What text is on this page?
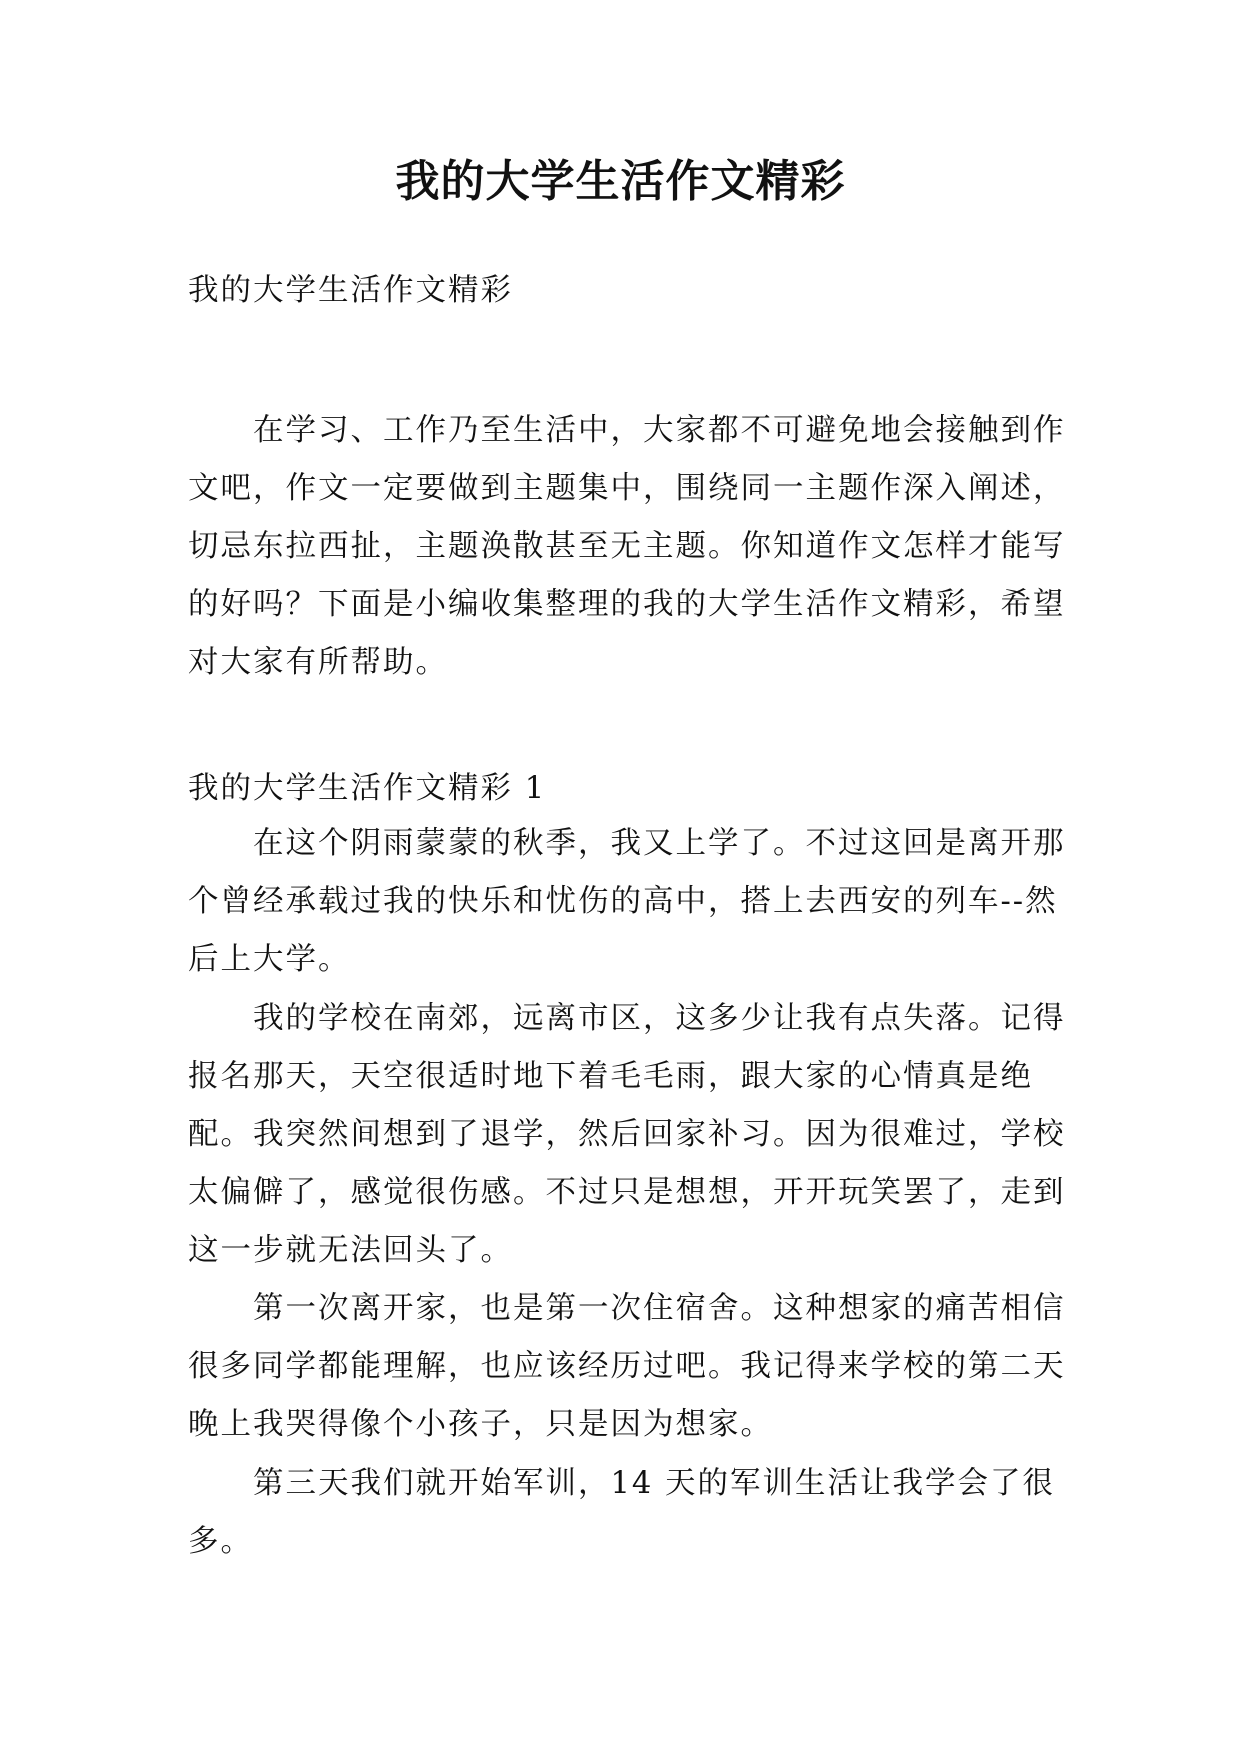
我的大学生活作文精彩

我的大学生活作文精彩

在学习、工作乃至生活中，大家都不可避免地会接触到作文吧，作文一定要做到主题集中，围绕同一主题作深入阐述，切忌东拉西扯，主题涣散甚至无主题。你知道作文怎样才能写的好吗？下面是小编收集整理的我的大学生活作文精彩，希望对大家有所帮助。

我的大学生活作文精彩 1

在这个阴雨蒙蒙的秋季，我又上学了。不过这回是离开那个曾经承载过我的快乐和忧伤的高中，搭上去西安的列车--然后上大学。

我的学校在南郊，远离市区，这多少让我有点失落。记得报名那天，天空很适时地下着毛毛雨，跟大家的心情真是绝配。我突然间想到了退学，然后回家补习。因为很难过，学校太偏僻了，感觉很伤感。不过只是想想，开开玩笑罢了，走到这一步就无法回头了。

第一次离开家，也是第一次住宿舍。这种想家的痛苦相信很多同学都能理解，也应该经历过吧。我记得来学校的第二天晚上我哭得像个小孩子，只是因为想家。

第三天我们就开始军训，14 天的军训生活让我学会了很多。
